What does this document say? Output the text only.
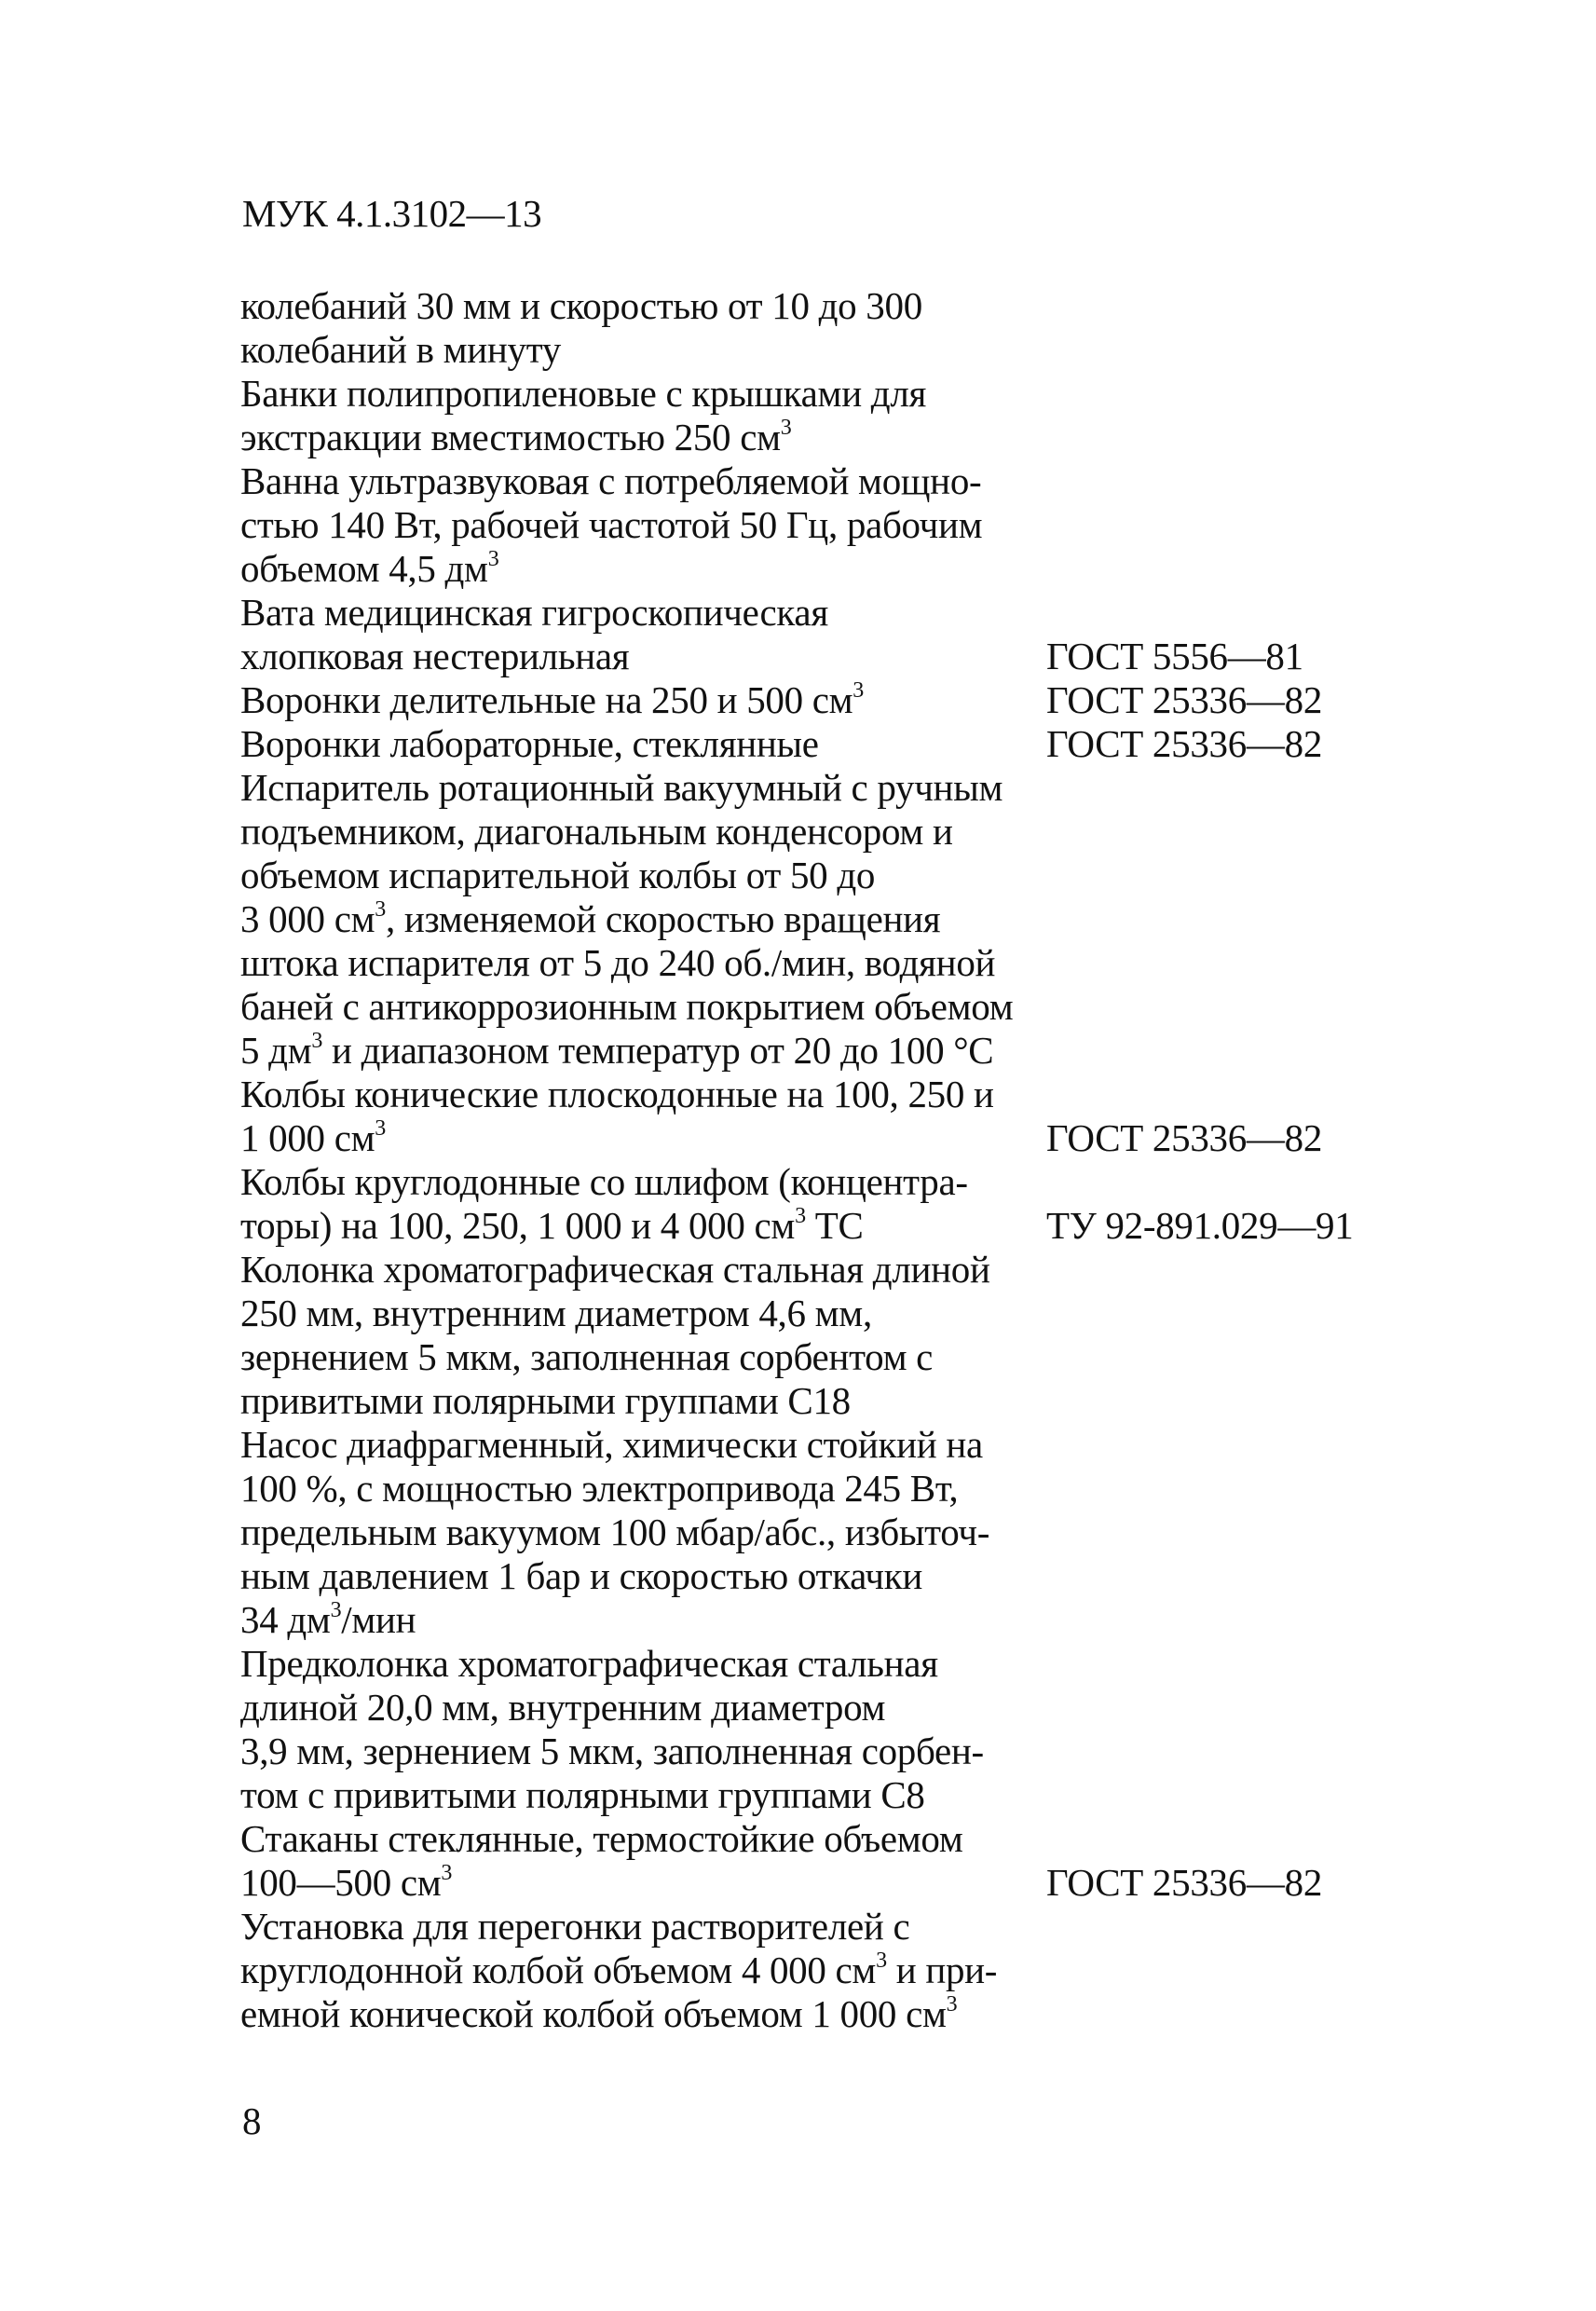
МУК 4.1.3102—13
колебаний 30 мм и скоростью от 10 до 300
колебаний в минуту
Банки полипропиленовые с крышками для
экстракции вместимостью 250 $см^3$
Ванна ультразвуковая с потребляемой мощно-
стью 140 Вт, рабочей частотой 50 Гц, рабочим
объемом 4,5 $дм^3$
Вата медицинская гигроскопическая
хлопковая нестерильная	ГОСТ 5556—81
Воронки делительные на 250 и 500 $см^3$	ГОСТ 25336—82
Воронки лабораторные, стеклянные	ГОСТ 25336—82
Испаритель ротационный вакуумный с ручным
подъемником, диагональным конденсором и
объемом испарительной колбы от 50 до
3 000 $см^3$, изменяемой скоростью вращения
штока испарителя от 5 до 240 об./мин, водяной
баней с антикоррозионным покрытием объемом
5 $дм^3$ и диапазоном температур от 20 до 100 °С
Колбы конические плоскодонные на 100, 250 и
1 000 $см^3$	ГОСТ 25336—82
Колбы круглодонные со шлифом (концентра-
торы) на 100, 250, 1 000 и 4 000 $см^3$ ТС	ТУ 92-891.029—91
Колонка хроматографическая стальная длиной
250 мм, внутренним диаметром 4,6 мм,
зернением 5 мкм, заполненная сорбентом с
привитыми полярными группами С18
Насос диафрагменный, химически стойкий на
100 %, с мощностью электропривода 245 Вт,
предельным вакуумом 100 мбар/абс., избыточ-
ным давлением 1 бар и скоростью откачки
34 $дм^3$/мин
Предколонка хроматографическая стальная
длиной 20,0 мм, внутренним диаметром
3,9 мм, зернением 5 мкм, заполненная сорбен-
том с привитыми полярными группами С8
Стаканы стеклянные, термостойкие объемом
100—500 $см^3$	ГОСТ 25336—82
Установка для перегонки растворителей с
круглодонной колбой объемом 4 000 $см^3$ и при-
емной конической колбой объемом 1 000 $см^3$
8
